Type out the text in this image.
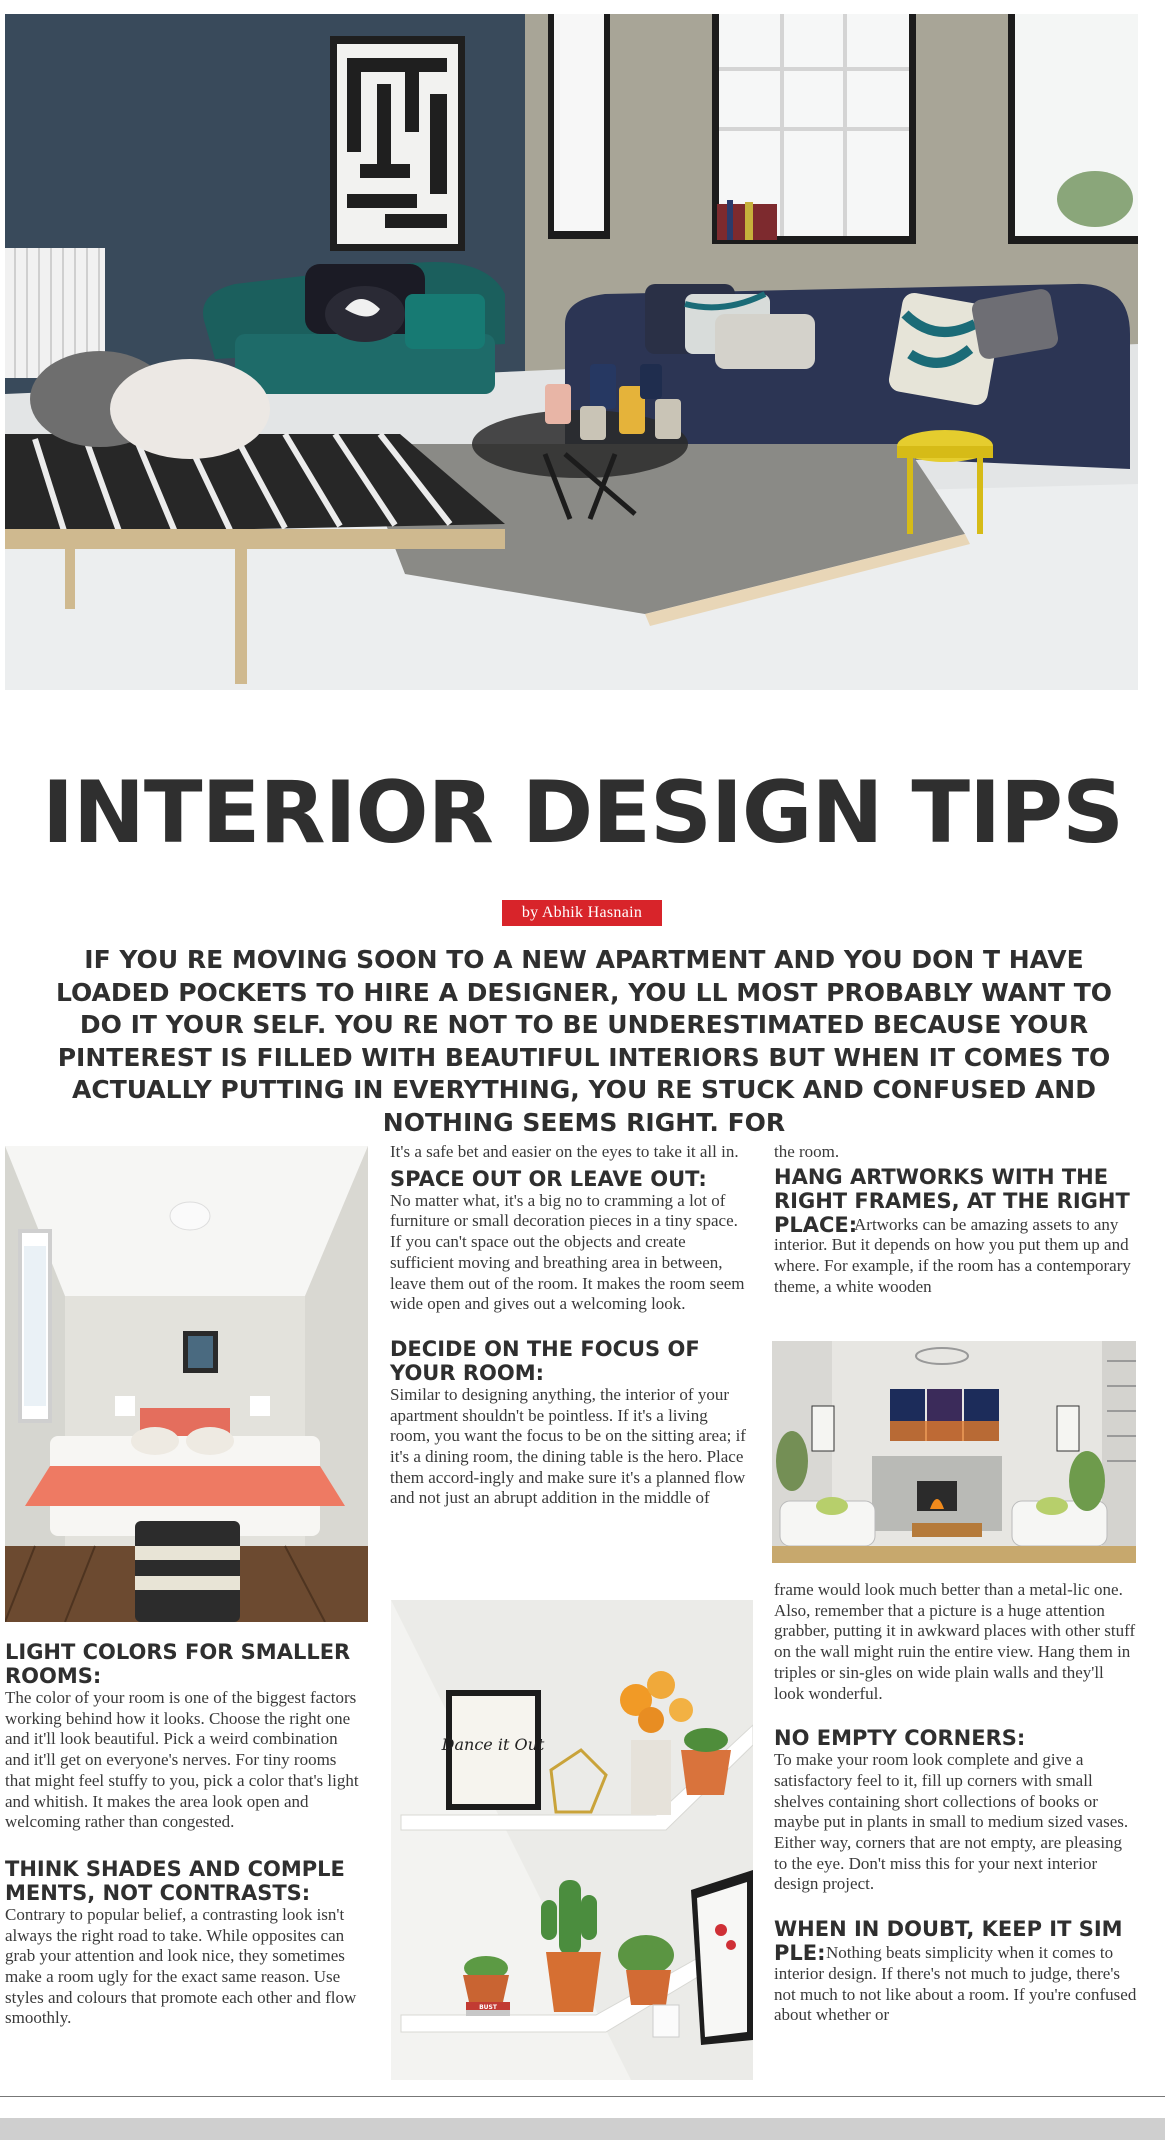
INTERIOR DESIGN TIPS
by Abhik Hasnain

IF YOU RE MOVING SOON TO A NEW APARTMENT AND YOU DON T HAVE LOADED POCKETS TO HIRE A DESIGNER, YOU LL MOST PROBABLY WANT TO DO IT YOUR SELF. YOU RE NOT TO BE UNDERESTIMATED BECAUSE YOUR PINTEREST IS FILLED WITH BEAUTIFUL INTERIORS BUT WHEN IT COMES TO ACTUALLY PUTTING IN EVERYTHING, YOU RE STUCK AND CONFUSED AND NOTHING SEEMS RIGHT. FOR

LIGHT COLORS FOR SMALLER ROOMS:

The color of your room is one of the biggest factors working behind how it looks. Choose the right one and it'll look beautiful. Pick a weird combination and it'll get on everyone's nerves. For tiny rooms that might feel stuffy to you, pick a color that's light and whitish. It makes the area look open and welcoming rather than congested.

THINK SHADES AND COMPLE MENTS, NOT CONTRASTS:

Contrary to popular belief, a contrasting look isn't always the right road to take. While opposites can grab your attention and look nice, they sometimes make a room ugly for the exact same reason. Use styles and colours that promote each other and flow smoothly.

It's a safe bet and easier on the eyes to take it all in.

SPACE OUT OR LEAVE OUT:

No matter what, it's a big no to cramming a lot of furniture or small decoration pieces in a tiny space. If you can't space out the objects and create sufficient moving and breathing area in between, leave them out of the room. It makes the room seem wide open and gives out a welcoming look.

DECIDE ON THE FOCUS OF YOUR ROOM:

Similar to designing anything, the interior of your apartment shouldn't be pointless. If it's a living room, you want the focus to be on the sitting area; if it's a dining room, the dining table is the hero. Place them accord-ingly and make sure it's a planned flow and not just an abrupt addition in the middle of

Dance it Out
BUST

the room.

HANG ARTWORKS WITH THE RIGHT FRAMES, AT THE RIGHT PLACE:

Artworks can be amazing assets to any interior. But it depends on how you put them up and where. For example, if the room has a contemporary theme, a white wooden

frame would look much better than a metal-lic one. Also, remember that a picture is a huge attention grabber, putting it in awkward places with other stuff on the wall might ruin the entire view. Hang them in triples or sin-gles on wide plain walls and they'll look wonderful.

NO EMPTY CORNERS:

To make your room look complete and give a satisfactory feel to it, fill up corners with small shelves containing short collections of books or maybe put in plants in small to medium sized vases. Either way, corners that are not empty, are pleasing to the eye. Don't miss this for your next interior design project.

WHEN IN DOUBT, KEEP IT SIM PLE: Nothing beats simplicity when it comes to interior design. If there's not much to judge, there's not much to not like about a room. If you're confused about whether or
